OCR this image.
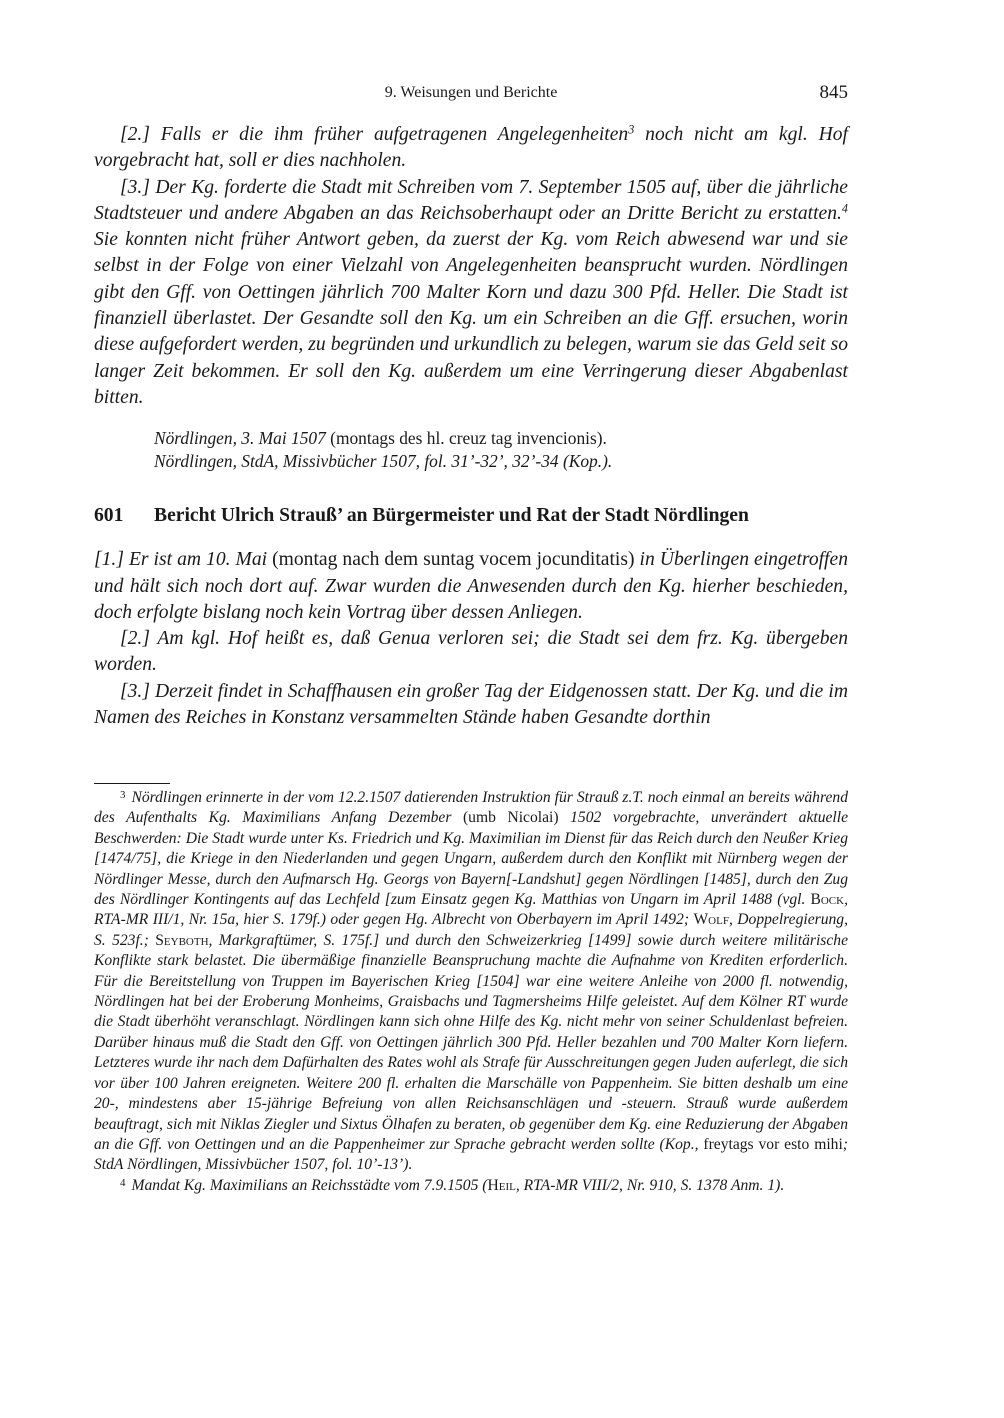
9. Weisungen und Berichte	845

[2.] Falls er die ihm früher aufgetragenen Angelegenheiten$^3$ noch nicht am kgl. Hof vorgebracht hat, soll er dies nachholen.

[3.] Der Kg. forderte die Stadt mit Schreiben vom 7. September 1505 auf, über die jährliche Stadtsteuer und andere Abgaben an das Reichsoberhaupt oder an Dritte Bericht zu erstatten.$^4$ Sie konnten nicht früher Antwort geben, da zuerst der Kg. vom Reich abwesend war und sie selbst in der Folge von einer Vielzahl von Angelegenheiten beansprucht wurden. Nördlingen gibt den Gff. von Oettingen jährlich 700 Malter Korn und dazu 300 Pfd. Heller. Die Stadt ist finanziell überlastet. Der Gesandte soll den Kg. um ein Schreiben an die Gff. ersuchen, worin diese aufgefordert werden, zu begründen und urkundlich zu belegen, warum sie das Geld seit so langer Zeit bekommen. Er soll den Kg. außerdem um eine Verringerung dieser Abgabenlast bitten.

Nördlingen, 3. Mai 1507 (montags des hl. creuz tag invencionis).
Nördlingen, StdA, Missivbücher 1507, fol. 31’-32’, 32’-34 (Kop.).

601 Bericht Ulrich Strauß’ an Bürgermeister und Rat der Stadt Nördlingen

[1.] Er ist am 10. Mai (montag nach dem suntag vocem jocunditatis) in Überlingen eingetroffen und hält sich noch dort auf. Zwar wurden die Anwesenden durch den Kg. hierher beschieden, doch erfolgte bislang noch kein Vortrag über dessen Anliegen.

[2.] Am kgl. Hof heißt es, daß Genua verloren sei; die Stadt sei dem frz. Kg. übergeben worden.

[3.] Derzeit findet in Schaffhausen ein großer Tag der Eidgenossen statt. Der Kg. und die im Namen des Reiches in Konstanz versammelten Stände haben Gesandte dorthin

$^3$ Nördlingen erinnerte in der vom 12.2.1507 datierenden Instruktion für Strauß z.T. noch einmal an bereits während des Aufenthalts Kg. Maximilians Anfang Dezember (umb Nicolai) 1502 vorgebrachte, unverändert aktuelle Beschwerden: Die Stadt wurde unter Ks. Friedrich und Kg. Maximilian im Dienst für das Reich durch den Neußer Krieg [1474/75], die Kriege in den Niederlanden und gegen Ungarn, außerdem durch den Konflikt mit Nürnberg wegen der Nördlinger Messe, durch den Aufmarsch Hg. Georgs von Bayern[-Landshut] gegen Nördlingen [1485], durch den Zug des Nördlinger Kontingents auf das Lechfeld [zum Einsatz gegen Kg. Matthias von Ungarn im April 1488 (vgl. Bock, RTA-MR III/1, Nr. 15a, hier S. 179f.) oder gegen Hg. Albrecht von Oberbayern im April 1492; Wolf, Doppelregierung, S. 523f.; Seyboth, Markgraftümer, S. 175f.] und durch den Schweizerkrieg [1499] sowie durch weitere militärische Konflikte stark belastet. Die übermäßige finanzielle Beanspruchung machte die Aufnahme von Krediten erforderlich. Für die Bereitstellung von Truppen im Bayerischen Krieg [1504] war eine weitere Anleihe von 2000 fl. notwendig, Nördlingen hat bei der Eroberung Monheims, Graisbachs und Tagmersheims Hilfe geleistet. Auf dem Kölner RT wurde die Stadt überhöht veranschlagt. Nördlingen kann sich ohne Hilfe des Kg. nicht mehr von seiner Schuldenlast befreien. Darüber hinaus muß die Stadt den Gff. von Oettingen jährlich 300 Pfd. Heller bezahlen und 700 Malter Korn liefern. Letzteres wurde ihr nach dem Dafürhalten des Rates wohl als Strafe für Ausschreitungen gegen Juden auferlegt, die sich vor über 100 Jahren ereigneten. Weitere 200 fl. erhalten die Marschälle von Pappenheim. Sie bitten deshalb um eine 20-, mindestens aber 15-jährige Befreiung von allen Reichsanschlägen und -steuern. Strauß wurde außerdem beauftragt, sich mit Niklas Ziegler und Sixtus Ölhafen zu beraten, ob gegenüber dem Kg. eine Reduzierung der Abgaben an die Gff. von Oettingen und an die Pappenheimer zur Sprache gebracht werden sollte (Kop., freytags vor esto mihi; StdA Nördlingen, Missivbücher 1507, fol. 10’-13’).

$^4$ Mandat Kg. Maximilians an Reichsstädte vom 7.9.1505 (Heil, RTA-MR VIII/2, Nr. 910, S. 1378 Anm. 1).
